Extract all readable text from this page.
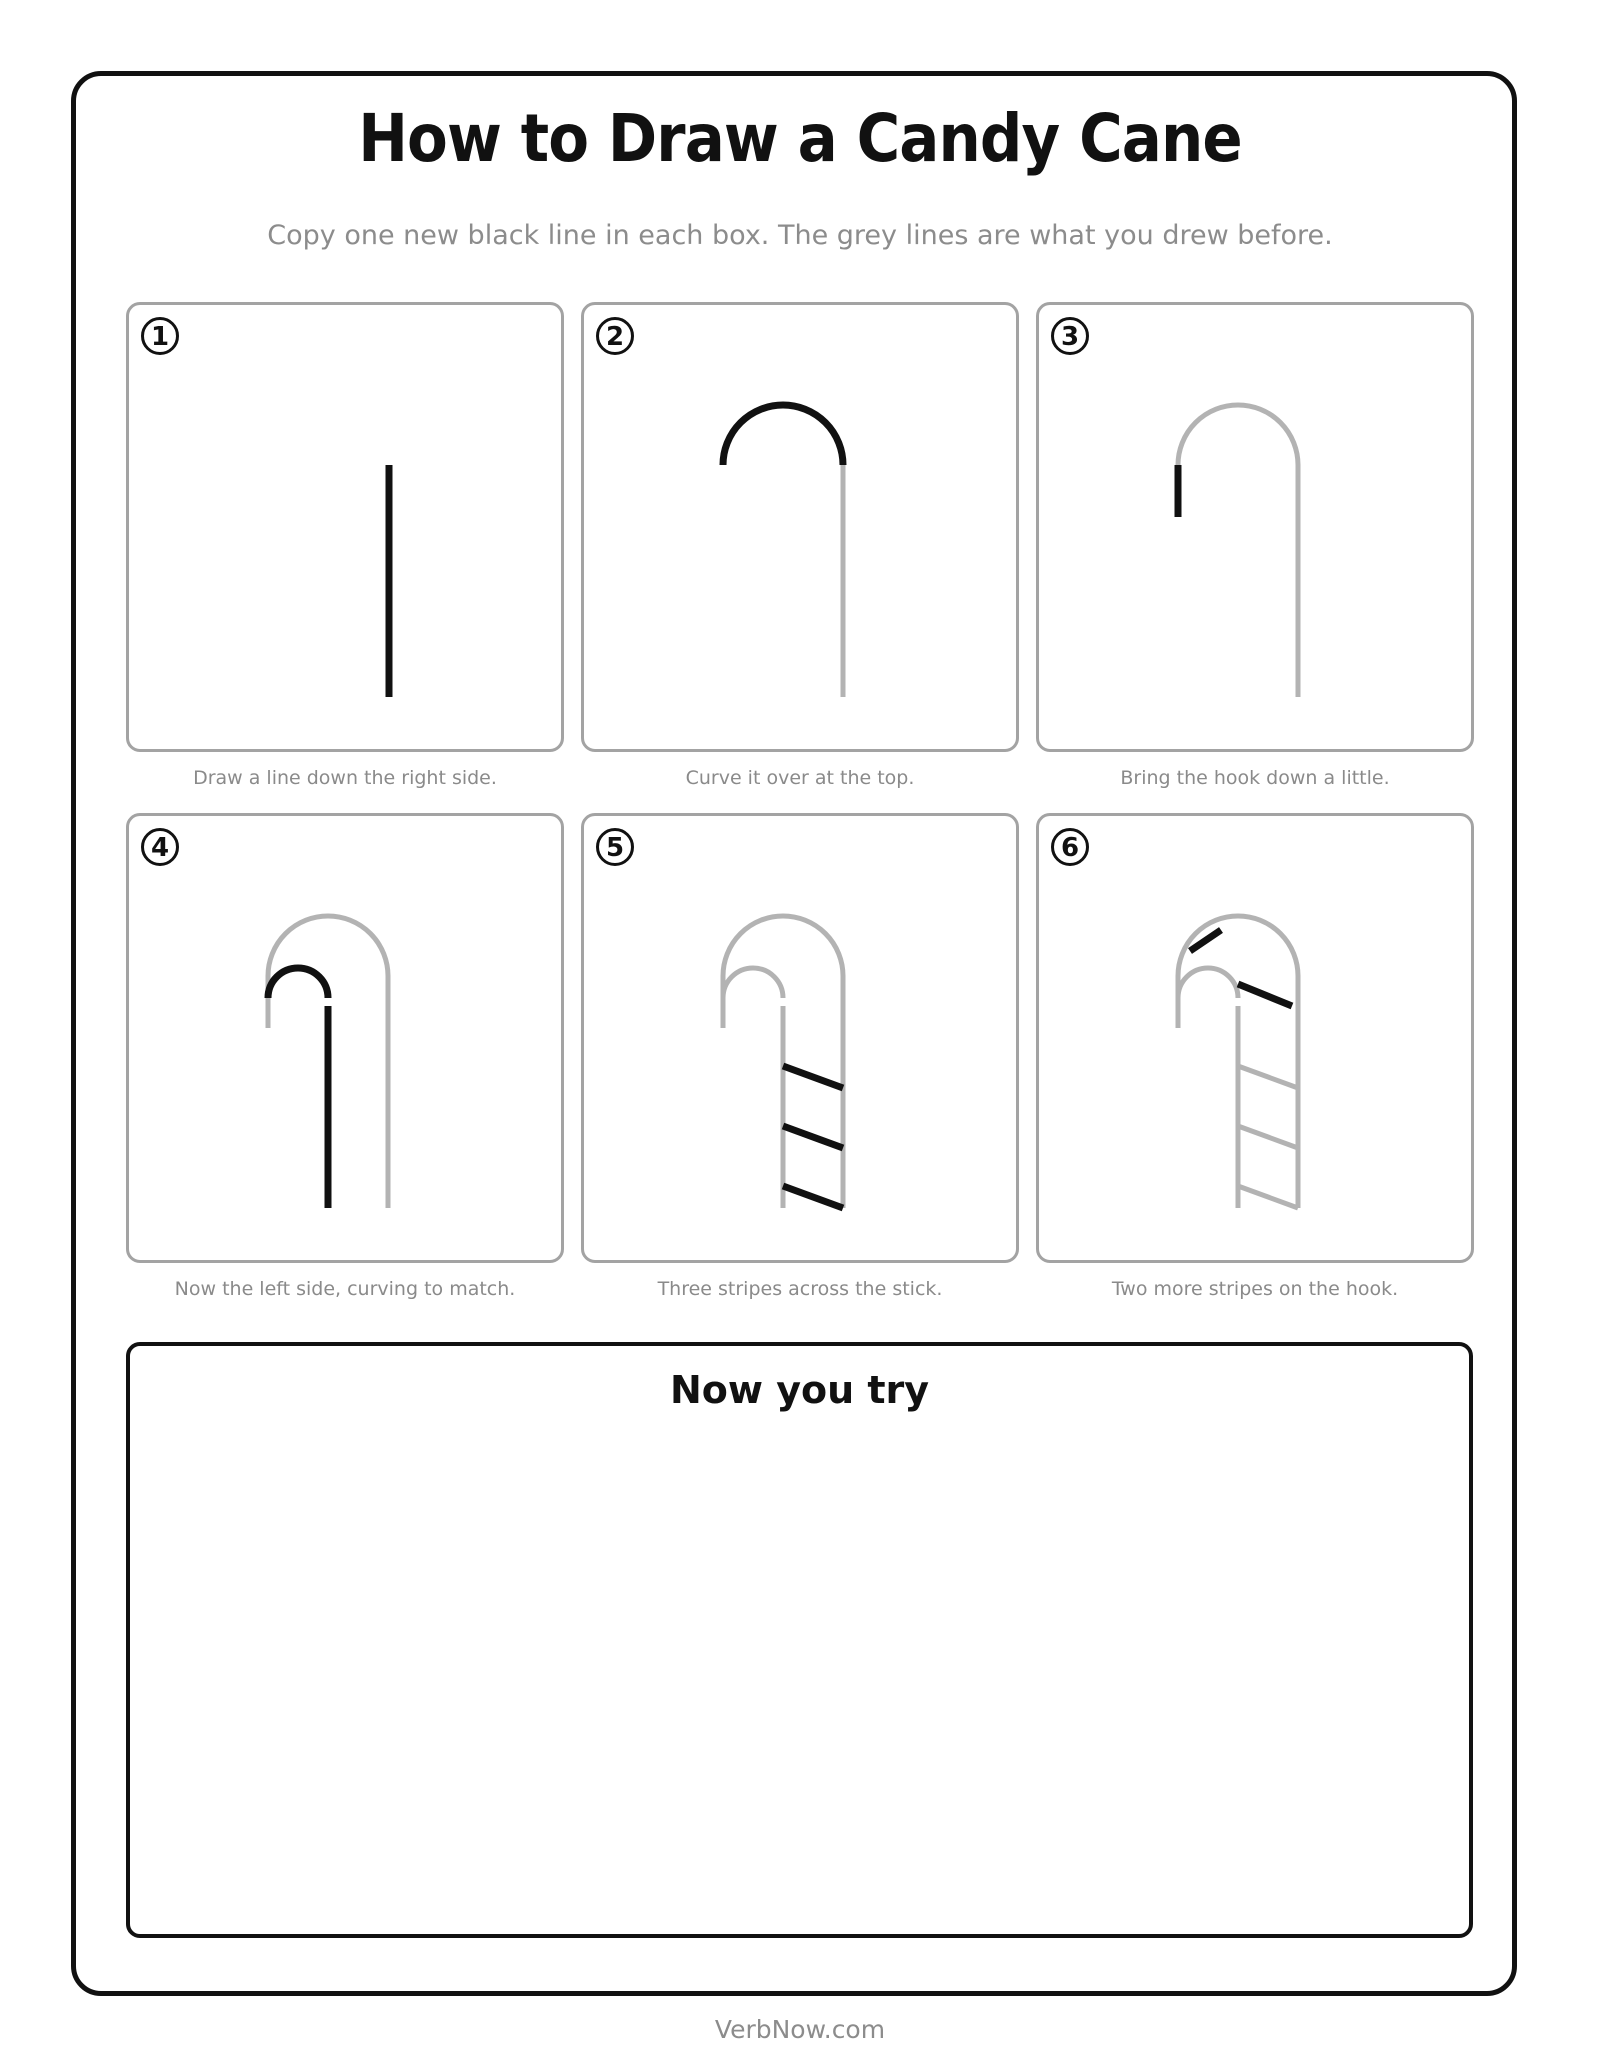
How to Draw a Candy Cane
Copy one new black line in each box. The grey lines are what you drew before.
1
Draw a line down the right side.
2
Curve it over at the top.
3
Bring the hook down a little.
4
Now the left side, curving to match.
5
Three stripes across the stick.
6
Two more stripes on the hook.
Now you try
VerbNow.com
